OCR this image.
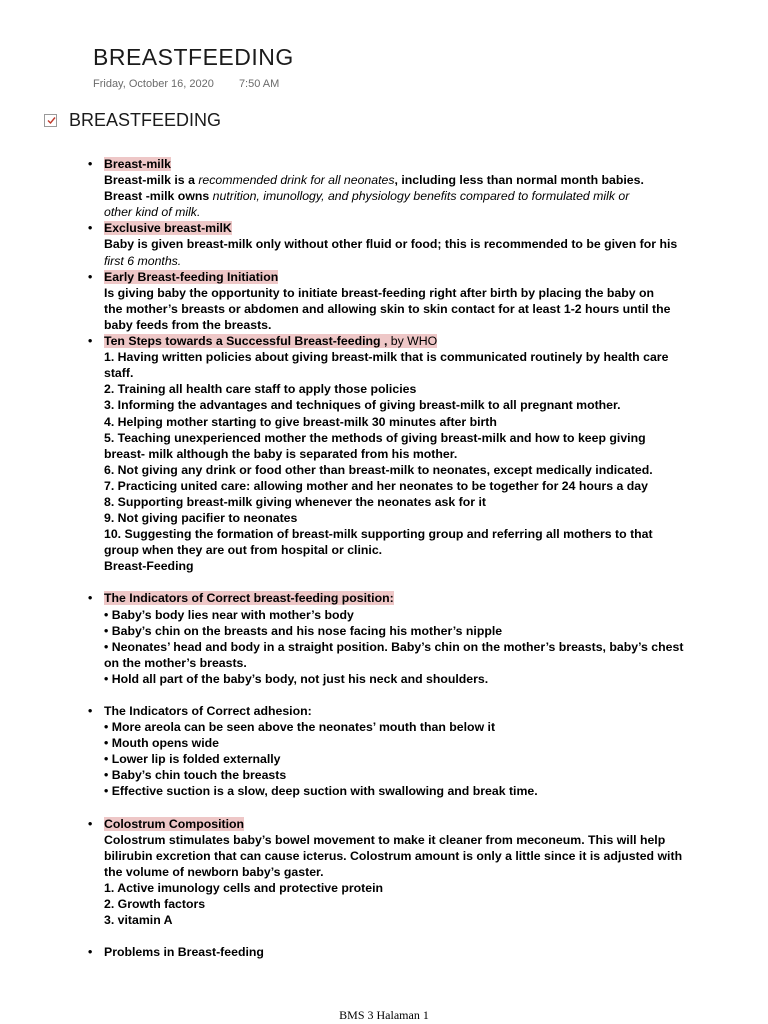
BREASTFEEDING
Friday, October 16, 2020 7:50 AM
BREASTFEEDING
• Breast-milk
Breast-milk is a recommended drink for all neonates, including less than normal month babies.
Breast -milk owns nutrition, imunollogy, and physiology benefits compared to formulated milk or
other kind of milk.
• Exclusive breast-milK
Baby is given breast-milk only without other fluid or food; this is recommended to be given for his
first 6 months.
• Early Breast-feeding Initiation
Is giving baby the opportunity to initiate breast-feeding right after birth by placing the baby on
the mother’s breasts or abdomen and allowing skin to skin contact for at least 1-2 hours until the
baby feeds from the breasts.
• Ten Steps towards a Successful Breast-feeding , by WHO
1. Having written policies about giving breast-milk that is communicated routinely by health care
staff.
2. Training all health care staff to apply those policies
3. Informing the advantages and techniques of giving breast-milk to all pregnant mother.
4. Helping mother starting to give breast-milk 30 minutes after birth
5. Teaching unexperienced mother the methods of giving breast-milk and how to keep giving
breast- milk although the baby is separated from his mother.
6. Not giving any drink or food other than breast-milk to neonates, except medically indicated.
7. Practicing united care: allowing mother and her neonates to be together for 24 hours a day
8. Supporting breast-milk giving whenever the neonates ask for it
9. Not giving pacifier to neonates
10. Suggesting the formation of breast-milk supporting group and referring all mothers to that
group when they are out from hospital or clinic.
Breast-Feeding
• The Indicators of Correct breast-feeding position:
• Baby’s body lies near with mother’s body
• Baby’s chin on the breasts and his nose facing his mother’s nipple
• Neonates’ head and body in a straight position. Baby’s chin on the mother’s breasts, baby’s chest
on the mother’s breasts.
• Hold all part of the baby’s body, not just his neck and shoulders.
• The Indicators of Correct adhesion:
• More areola can be seen above the neonates’ mouth than below it
• Mouth opens wide
• Lower lip is folded externally
• Baby’s chin touch the breasts
• Effective suction is a slow, deep suction with swallowing and break time.
• Colostrum Composition
Colostrum stimulates baby’s bowel movement to make it cleaner from meconeum. This will help
bilirubin excretion that can cause icterus. Colostrum amount is only a little since it is adjusted with
the volume of newborn baby’s gaster.
1. Active imunology cells and protective protein
2. Growth factors
3. vitamin A
• Problems in Breast-feeding
BMS 3 Halaman 1
